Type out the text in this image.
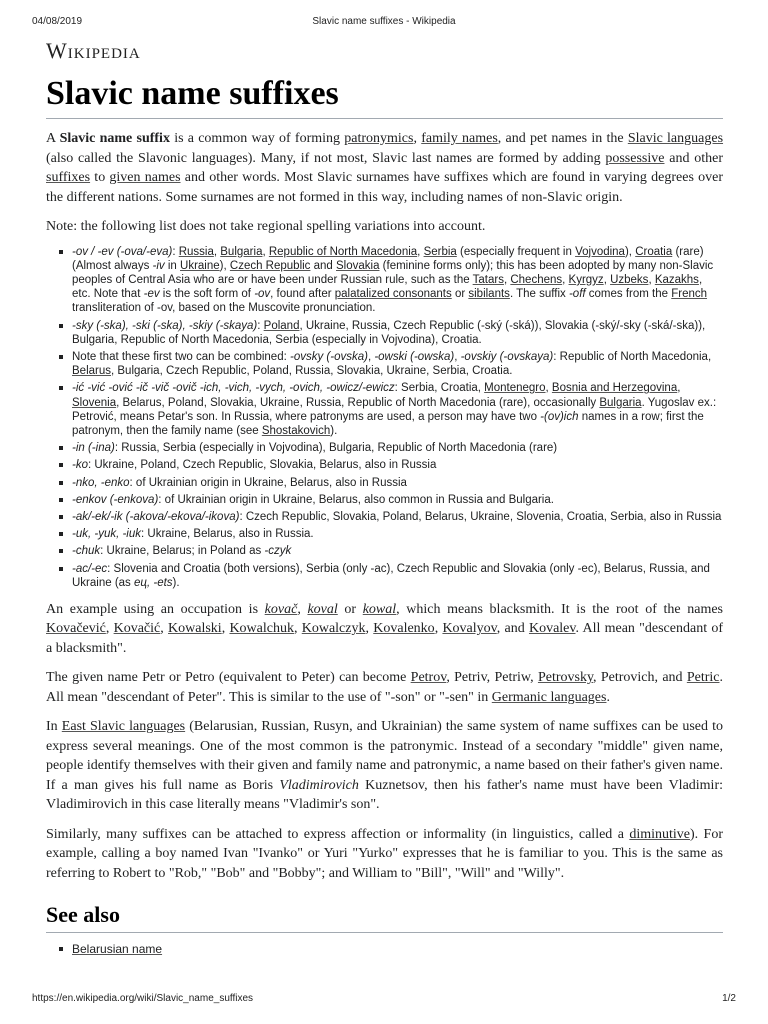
04/08/2019	Slavic name suffixes - Wikipedia
Wikipedia
Slavic name suffixes

A Slavic name suffix is a common way of forming patronymics, family names, and pet names in the Slavic languages (also called the Slavonic languages). Many, if not most, Slavic last names are formed by adding possessive and other suffixes to given names and other words. Most Slavic surnames have suffixes which are found in varying degrees over the different nations. Some surnames are not formed in this way, including names of non-Slavic origin.

Note: the following list does not take regional spelling variations into account.

-ov / -ev (-ova/-eva): Russia, Bulgaria, Republic of North Macedonia, Serbia (especially frequent in Vojvodina), Croatia (rare) (Almost always -iv in Ukraine), Czech Republic and Slovakia (feminine forms only); this has been adopted by many non-Slavic peoples of Central Asia who are or have been under Russian rule, such as the Tatars, Chechens, Kyrgyz, Uzbeks, Kazakhs, etc. Note that -ev is the soft form of -ov, found after palatalized consonants or sibilants. The suffix -off comes from the French transliteration of -ov, based on the Muscovite pronunciation.
-sky (-ska), -ski (-ska), -skiy (-skaya): Poland, Ukraine, Russia, Czech Republic (-ský (-ská)), Slovakia (-ský/-sky (-ská/-ska)), Bulgaria, Republic of North Macedonia, Serbia (especially in Vojvodina), Croatia.
Note that these first two can be combined: -ovsky (-ovska), -owski (-owska), -ovskiy (-ovskaya): Republic of North Macedonia, Belarus, Bulgaria, Czech Republic, Poland, Russia, Slovakia, Ukraine, Serbia, Croatia.
-ić -vić -ović -ič -vič -ovič -ich, -vich, -vych, -ovich, -owicz/-ewicz: Serbia, Croatia, Montenegro, Bosnia and Herzegovina, Slovenia, Belarus, Poland, Slovakia, Ukraine, Russia, Republic of North Macedonia (rare), occasionally Bulgaria. Yugoslav ex.: Petrović, means Petar's son. In Russia, where patronyms are used, a person may have two -(ov)ich names in a row; first the patronym, then the family name (see Shostakovich).
-in (-ina): Russia, Serbia (especially in Vojvodina), Bulgaria, Republic of North Macedonia (rare)
-ko: Ukraine, Poland, Czech Republic, Slovakia, Belarus, also in Russia
-nko, -enko: of Ukrainian origin in Ukraine, Belarus, also in Russia
-enkov (-enkova): of Ukrainian origin in Ukraine, Belarus, also common in Russia and Bulgaria.
-ak/-ek/-ik (-akova/-ekova/-ikova): Czech Republic, Slovakia, Poland, Belarus, Ukraine, Slovenia, Croatia, Serbia, also in Russia
-uk, -yuk, -iuk: Ukraine, Belarus, also in Russia.
-chuk: Ukraine, Belarus; in Poland as -czyk
-ac/-ec: Slovenia and Croatia (both versions), Serbia (only -ac), Czech Republic and Slovakia (only -ec), Belarus, Russia, and Ukraine (as ец, -ets).

An example using an occupation is kovač, koval or kowal, which means blacksmith. It is the root of the names Kovačević, Kovačić, Kowalski, Kowalchuk, Kowalczyk, Kovalenko, Kovalyov, and Kovalev. All mean "descendant of a blacksmith".

The given name Petr or Petro (equivalent to Peter) can become Petrov, Petriv, Petriw, Petrovsky, Petrovich, and Petric. All mean "descendant of Peter". This is similar to the use of "-son" or "-sen" in Germanic languages.

In East Slavic languages (Belarusian, Russian, Rusyn, and Ukrainian) the same system of name suffixes can be used to express several meanings. One of the most common is the patronymic. Instead of a secondary "middle" given name, people identify themselves with their given and family name and patronymic, a name based on their father's given name. If a man gives his full name as Boris Vladimirovich Kuznetsov, then his father's name must have been Vladimir: Vladimirovich in this case literally means "Vladimir's son".

Similarly, many suffixes can be attached to express affection or informality (in linguistics, called a diminutive). For example, calling a boy named Ivan "Ivanko" or Yuri "Yurko" expresses that he is familiar to you. This is the same as referring to Robert to "Rob," "Bob" and "Bobby"; and William to "Bill", "Will" and "Willy".

See also
Belarusian name
https://en.wikipedia.org/wiki/Slavic_name_suffixes	1/2
